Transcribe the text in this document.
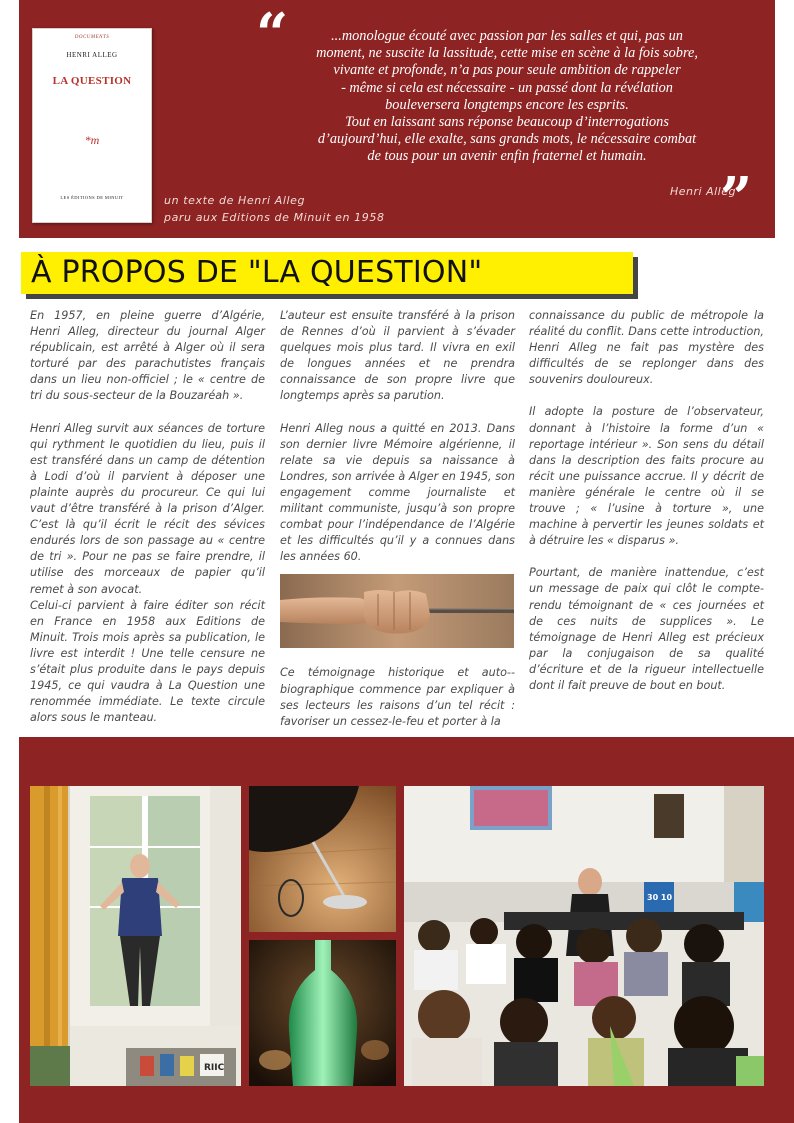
DOCUMENTS
HENRI ALLEG
LA QUESTION
*m
LES ÉDITIONS DE MINUIT	un texte de Henri Alleg
paru aux Editions de Minuit en 1958
“	...monologue écouté avec passion par les salles et qui, pas un
moment, ne suscite la lassitude, cette mise en scène à la fois sobre,
vivante et profonde, n’a pas pour seule ambition de rappeler
- même si cela est nécessaire - un passé dont la révélation
bouleversera longtemps encore les esprits.
Tout en laissant sans réponse beaucoup d’interrogations
d’aujourd’hui, elle exalte, sans grands mots, le nécessaire combat
de tous pour un avenir enfin fraternel et humain.
Henri Alleg
”
À PROPOS DE "LA QUESTION"

En 1957, en pleine guerre d’Algérie, Henri Alleg, directeur du journal Alger républicain, est arrêté à Alger où il sera torturé par des parachutistes français dans un lieu non-officiel ; le « centre de tri du sous-secteur de la Bouzaréah ».

Henri Alleg survit aux séances de torture qui rythment le quotidien du lieu, puis il est transféré dans un camp de détention à Lodi d’où il parvient à déposer une plainte auprès du procureur. Ce qui lui vaut d’être transféré à la prison d’Alger. C’est là qu’il écrit le récit des sévices endurés lors de son passage au « centre de tri ». Pour ne pas se faire prendre, il utilise des morceaux de papier qu’il remet à son avocat.

Celui-ci parvient à faire éditer son récit en France en 1958 aux Editions de Minuit. Trois mois après sa publication, le livre est interdit ! Une telle censure ne s’était plus produite dans le pays depuis 1945, ce qui vaudra à La Question une renommée immédiate. Le texte circule alors sous le manteau.

L’auteur est ensuite transféré à la prison de Rennes d’où il parvient à s’évader quelques mois plus tard. Il vivra en exil de longues années et ne prendra connaissance de son propre livre que longtemps après sa parution.

Henri Alleg nous a quitté en 2013. Dans son dernier livre Mémoire algérienne, il relate sa vie depuis sa naissance à Londres, son arrivée à Alger en 1945, son engagement comme journaliste et militant communiste, jusqu’à son propre combat pour l’indépendance de l’Algérie et les difficultés qu’il y a connues dans les années 60.

Ce témoignage historique et auto--biographique commence par expliquer à ses lecteurs les raisons d’un tel récit : favoriser un cessez-le-feu et porter à la

connaissance du public de métropole la réalité du conflit. Dans cette introduction, Henri Alleg ne fait pas mystère des difficultés de se replonger dans des souvenirs douloureux.

Il adopte la posture de l’observateur, donnant à l’histoire la forme d’un « reportage intérieur ». Son sens du détail dans la description des faits procure au récit une puissance accrue. Il y décrit de manière générale le centre où il se trouve ; « l’usine à torture », une machine à pervertir les jeunes soldats et à détruire les « disparus ».

Pourtant, de manière inattendue, c’est un message de paix qui clôt le compte-rendu témoignant de « ces journées et de ces nuits de supplices ». Le témoignage de Henri Alleg est précieux par la conjugaison de sa qualité d’écriture et de la rigueur intellectuelle dont il fait preuve de bout en bout.

RIIC
30 10
